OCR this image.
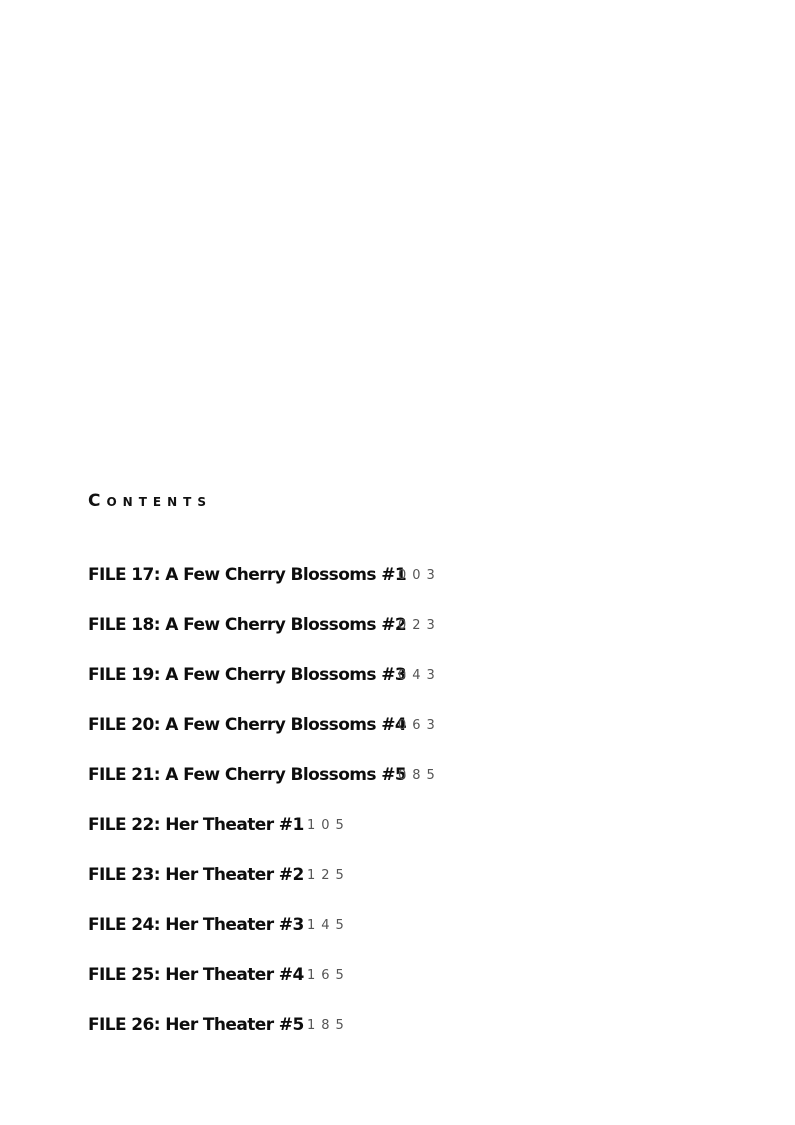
Contents
FILE 17: A Few Cherry Blossoms #1
003
FILE 18: A Few Cherry Blossoms #2
023
FILE 19: A Few Cherry Blossoms #3
043
FILE 20: A Few Cherry Blossoms #4
063
FILE 21: A Few Cherry Blossoms #5
085
FILE 22: Her Theater #1 105
FILE 23: Her Theater #2 125
FILE 24: Her Theater #3 145
FILE 25: Her Theater #4 165
FILE 26: Her Theater #5 185
